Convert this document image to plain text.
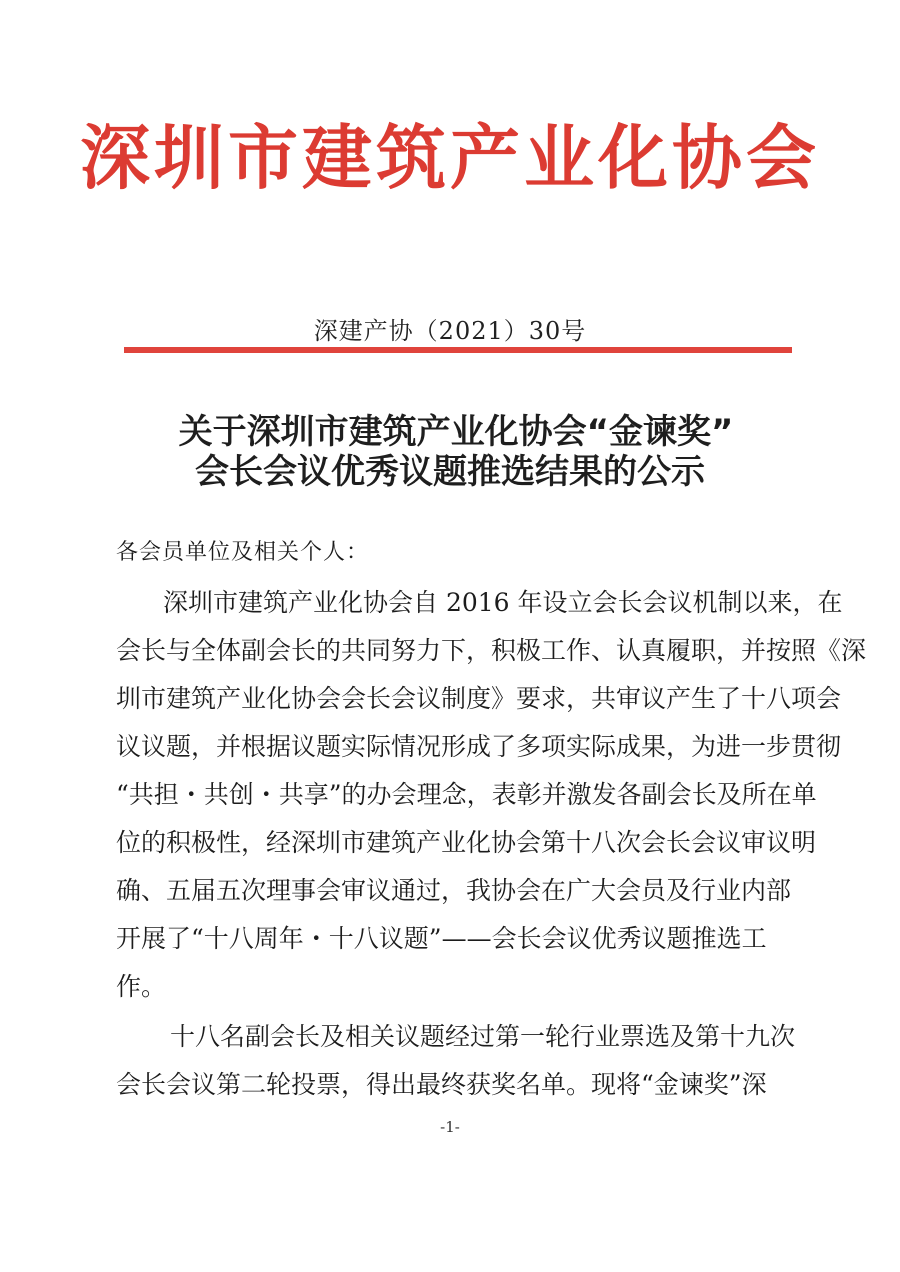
深圳市建筑产业化协会
深建产协（2021）30号
关于深圳市建筑产业化协会“金谏奖”
会长会议优秀议题推选结果的公示
各会员单位及相关个人：
深圳市建筑产业化协会自 2016 年设立会长会议机制以来，在
会长与全体副会长的共同努力下，积极工作、认真履职，并按照《深
圳市建筑产业化协会会长会议制度》要求，共审议产生了十八项会
议议题，并根据议题实际情况形成了多项实际成果，为进一步贯彻
“共担・共创・共享”的办会理念，表彰并激发各副会长及所在单
位的积极性，经深圳市建筑产业化协会第十八次会长会议审议明
确、五届五次理事会审议通过，我协会在广大会员及行业内部
开展了“十八周年・十八议题”——会长会议优秀议题推选工
作。
十八名副会长及相关议题经过第一轮行业票选及第十九次
会长会议第二轮投票，得出最终获奖名单。现将“金谏奖”深
-1-
